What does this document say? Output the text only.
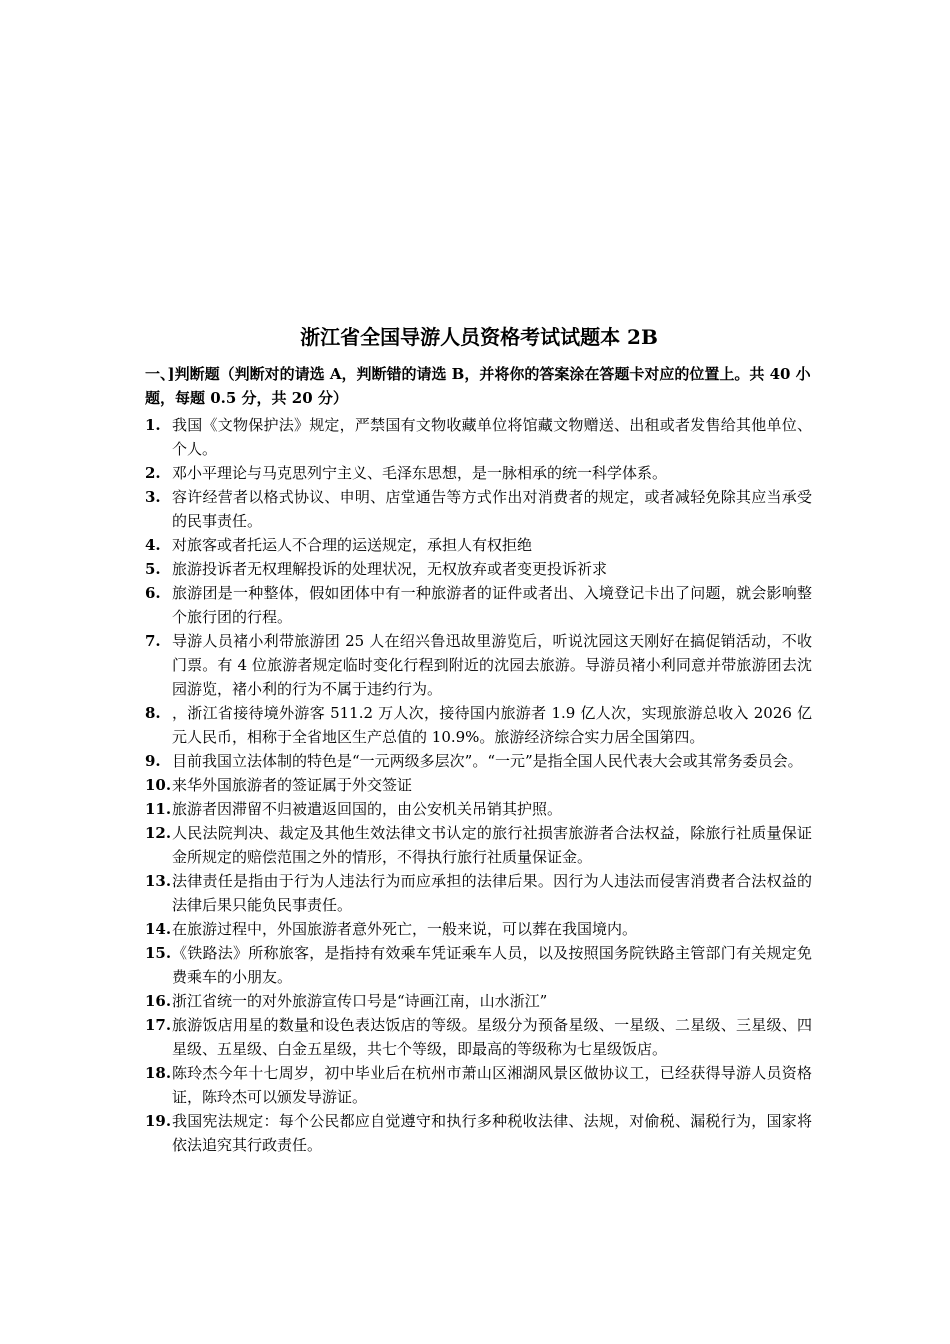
浙江省全国导游人员资格考试试题本 2B
一、]判断题（判断对的请选 A，判断错的请选 B，并将你的答案涂在答题卡对应的位置上。共 40 小题，每题 0.5 分，共 20 分）
1. 我国《文物保护法》规定，严禁国有文物收藏单位将馆藏文物赠送、出租或者发售给其他单位、个人。
2. 邓小平理论与马克思列宁主义、毛泽东思想，是一脉相承的统一科学体系。
3. 容许经营者以格式协议、申明、店堂通告等方式作出对消费者的规定，或者减轻免除其应当承受的民事责任。
4. 对旅客或者托运人不合理的运送规定，承担人有权拒绝
5. 旅游投诉者无权理解投诉的处理状况，无权放弃或者变更投诉祈求
6. 旅游团是一种整体，假如团体中有一种旅游者的证件或者出、入境登记卡出了问题，就会影响整个旅行团的行程。
7. 导游人员褚小利带旅游团 25 人在绍兴鲁迅故里游览后，听说沈园这天刚好在搞促销活动，不收门票。有 4 位旅游者规定临时变化行程到附近的沈园去旅游。导游员褚小利同意并带旅游团去沈园游览，褚小利的行为不属于违约行为。
8. ，浙江省接待境外游客 511.2 万人次，接待国内旅游者 1.9 亿人次，实现旅游总收入 2026 亿元人民币，相称于全省地区生产总值的 10.9%。旅游经济综合实力居全国第四。
9. 目前我国立法体制的特色是“一元两级多层次”。“一元”是指全国人民代表大会或其常务委员会。
10. 来华外国旅游者的签证属于外交签证
11. 旅游者因滞留不归被遣返回国的，由公安机关吊销其护照。
12. 人民法院判决、裁定及其他生效法律文书认定的旅行社损害旅游者合法权益，除旅行社质量保证金所规定的赔偿范围之外的情形，不得执行旅行社质量保证金。
13. 法律责任是指由于行为人违法行为而应承担的法律后果。因行为人违法而侵害消费者合法权益的法律后果只能负民事责任。
14. 在旅游过程中，外国旅游者意外死亡，一般来说，可以葬在我国境内。
15. 《铁路法》所称旅客，是指持有效乘车凭证乘车人员，以及按照国务院铁路主管部门有关规定免费乘车的小朋友。
16. 浙江省统一的对外旅游宣传口号是“诗画江南，山水浙江”
17. 旅游饭店用星的数量和设色表达饭店的等级。星级分为预备星级、一星级、二星级、三星级、四星级、五星级、白金五星级，共七个等级，即最高的等级称为七星级饭店。
18. 陈玲杰今年十七周岁，初中毕业后在杭州市萧山区湘湖风景区做协议工，已经获得导游人员资格证，陈玲杰可以颁发导游证。
19. 我国宪法规定：每个公民都应自觉遵守和执行多种税收法律、法规，对偷税、漏税行为，国家将依法追究其行政责任。
